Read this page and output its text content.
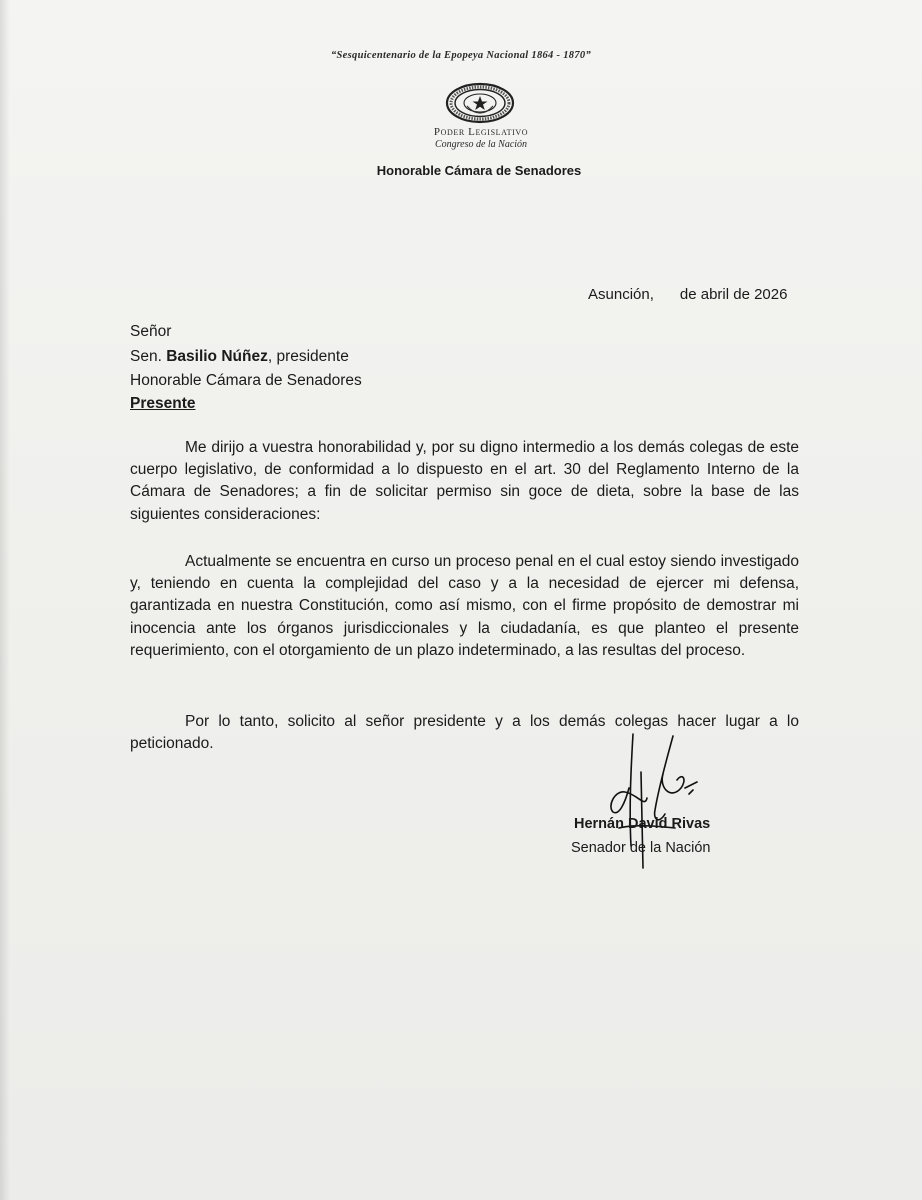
“Sesquicentenario de la Epopeya Nacional 1864 - 1870”
Poder Legislativo
Congreso de la Nación
Honorable Cámara de Senadores
Asunción, de abril de 2026
Señor
Sen. Basilio Núñez, presidente
Honorable Cámara de Senadores
Presente
Me dirijo a vuestra honorabilidad y, por su digno intermedio a los demás colegas de este cuerpo legislativo, de conformidad a lo dispuesto en el art. 30 del Reglamento Interno de la Cámara de Senadores; a fin de solicitar permiso sin goce de dieta, sobre la base de las siguientes consideraciones:
Actualmente se encuentra en curso un proceso penal en el cual estoy siendo investigado y, teniendo en cuenta la complejidad del caso y a la necesidad de ejercer mi defensa, garantizada en nuestra Constitución, como así mismo, con el firme propósito de demostrar mi inocencia ante los órganos jurisdiccionales y la ciudadanía, es que planteo el presente requerimiento, con el otorgamiento de un plazo indeterminado, a las resultas del proceso.
Por lo tanto, solicito al señor presidente y a los demás colegas hacer lugar a lo peticionado.
Hernán David Rivas
Senador de la Nación
